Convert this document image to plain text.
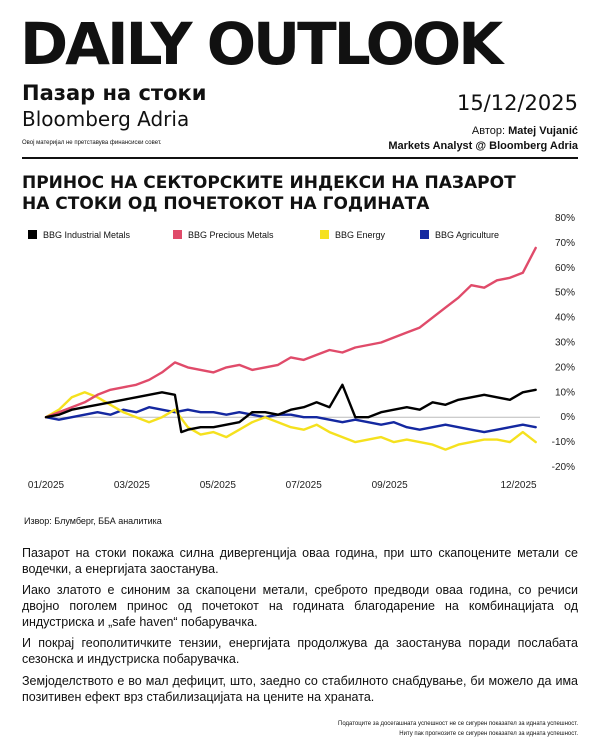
DAILY OUTLOOK
Пазар на стоки
Bloomberg Adria
Овој материјал не претставува финансиски совет.
15/12/2025
Автор: Matej Vujanić
Markets Analyst @ Bloomberg Adria
ПРИНОС НА СЕКТОРСКИТЕ ИНДЕКСИ НА ПАЗАРОТ НА СТОКИ ОД ПОЧЕТОКОТ НА ГОДИНАТА
-20%
-10%
0%
10%
20%
30%
40%
50%
60%
70%
80%
01/2025	03/2025	05/2025	07/2025	09/2025	12/2025
BBG Industrial Metals	BBG Precious Metals	BBG Energy	BBG Agriculture
Извор: Блумберг, ББА аналитика
Пазарот на стоки покажа силна дивергенција оваа година, при што скапоцените метали се водечки, а енергијата заостанува.
Иако златото е синоним за скапоцени метали, среброто предводи оваа година, со речиси двојно поголем принос од почетокот на годината благодарение на комбинацијата од индустриска и „safe haven“ побарувачка.
И покрај геополитичките тензии, енергијата продолжува да заостанува поради послабата сезонска и индустриска побарувачка.
Земјоделството е во мал дефицит, што, заедно со стабилното снабдување, би можело да има позитивен ефект врз стабилизацијата на цените на храната.
Податоците за досегашната успешност не се сигурен показател за идната успешност.
Ниту пак прогнозите се сигурен показател за идната успешност.
